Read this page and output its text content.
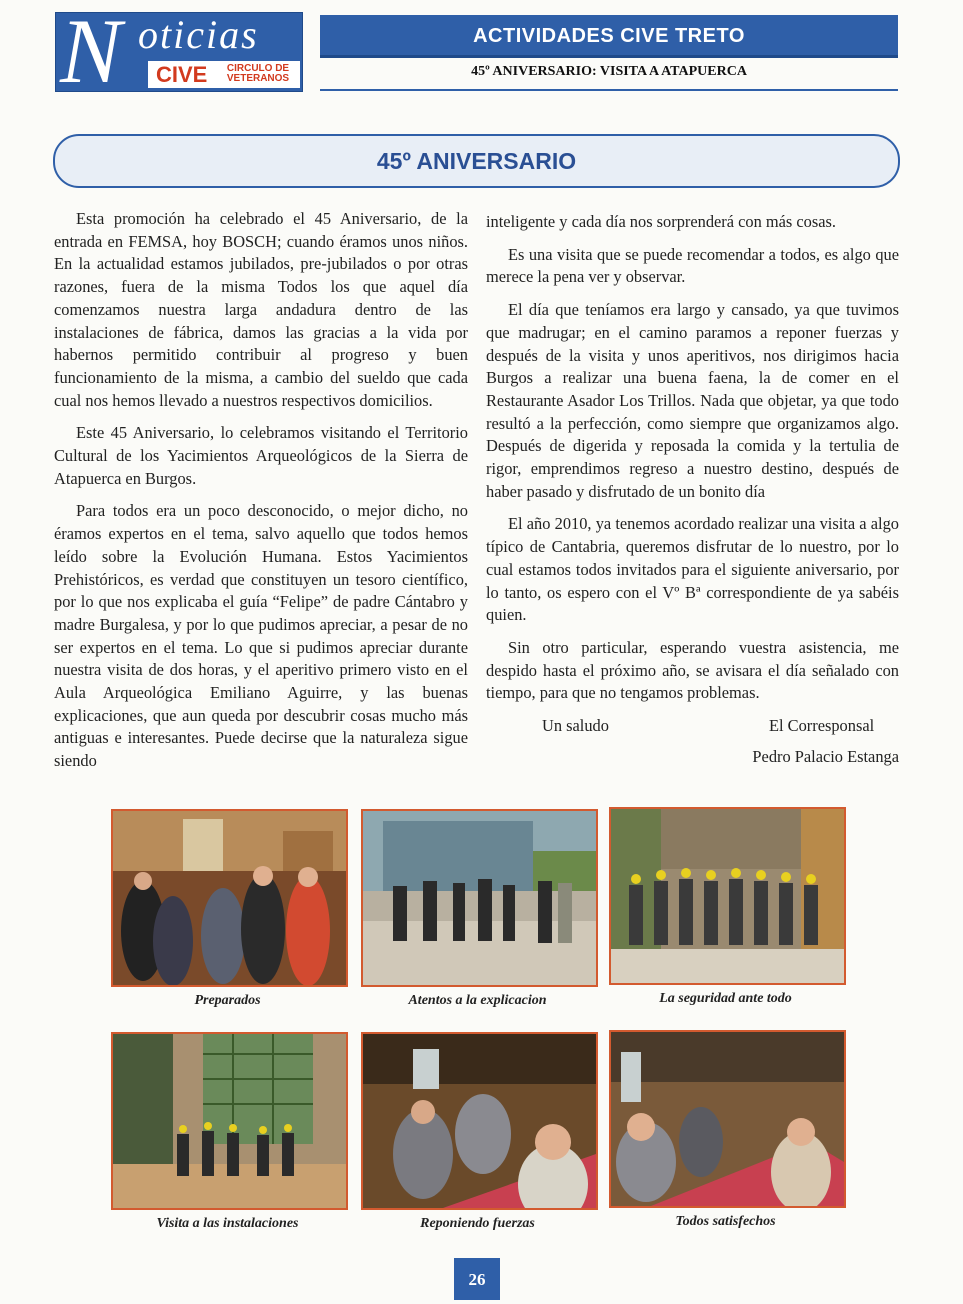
N oticias
CIVE	CIRCULO DE VETERANOS
ACTIVIDADES CIVE TRETO
45º ANIVERSARIO: VISITA A ATAPUERCA
45º ANIVERSARIO

Esta promoción ha celebrado el 45 Aniversario, de la entrada en FEMSA, hoy BOSCH; cuando éramos unos niños. En la actualidad estamos jubilados, pre-jubilados o por otras razones, fuera de la misma Todos los que aquel día comenzamos nuestra larga andadura dentro de las instalaciones de fábrica, damos las gracias a la vida por habernos permitido contribuir al progreso y buen funcionamiento de la misma, a cambio del sueldo que cada cual nos hemos llevado a nuestros respectivos domicilios.

Este 45 Aniversario, lo celebramos visitando el Territorio Cultural de los Yacimientos Arqueológicos de la Sierra de Atapuerca en Burgos.

Para todos era un poco desconocido, o mejor dicho, no éramos expertos en el tema, salvo aquello que todos hemos leído sobre la Evolución Humana. Estos Yacimientos Prehistóricos, es verdad que constituyen un tesoro científico, por lo que nos explicaba el guía “Felipe” de padre Cántabro y madre Burgalesa, y por lo que pudimos apreciar, a pesar de no ser expertos en el tema. Lo que si pudimos apreciar durante nuestra visita de dos horas, y el aperitivo primero visto en el Aula Arqueológica Emiliano Aguirre, y las buenas explicaciones, que aun queda por descubrir cosas mucho más antiguas e interesantes. Puede decirse que la naturaleza sigue siendo

inteligente y cada día nos sorprenderá con más cosas.

Es una visita que se puede recomendar a todos, es algo que merece la pena ver y observar.

El día que teníamos era largo y cansado, ya que tuvimos que madrugar; en el camino paramos a reponer fuerzas y después de la visita y unos aperitivos, nos dirigimos hacia Burgos a realizar una buena faena, la de comer en el Restaurante Asador Los Trillos. Nada que objetar, ya que todo resultó a la perfección, como siempre que organizamos algo. Después de digerida y reposada la comida y la tertulia de rigor, emprendimos regreso a nuestro destino, después de haber pasado y disfrutado de un bonito día

El año 2010, ya tenemos acordado realizar una visita a algo típico de Cantabria, queremos disfrutar de lo nuestro, por lo cual estamos todos invitados para el siguiente aniversario, por lo tanto, os espero con el Vº Bª correspondiente de ya sabéis quien.

Sin otro particular, esperando vuestra asistencia, me despido hasta el próximo año, se avisara el día señalado con tiempo, para que no tengamos problemas.

Un saludo	El Corresponsal
Pedro Palacio Estanga
Preparados	Atentos a la explicacion	La seguridad ante todo
Visita a las instalaciones	Reponiendo fuerzas	Todos satisfechos
26
